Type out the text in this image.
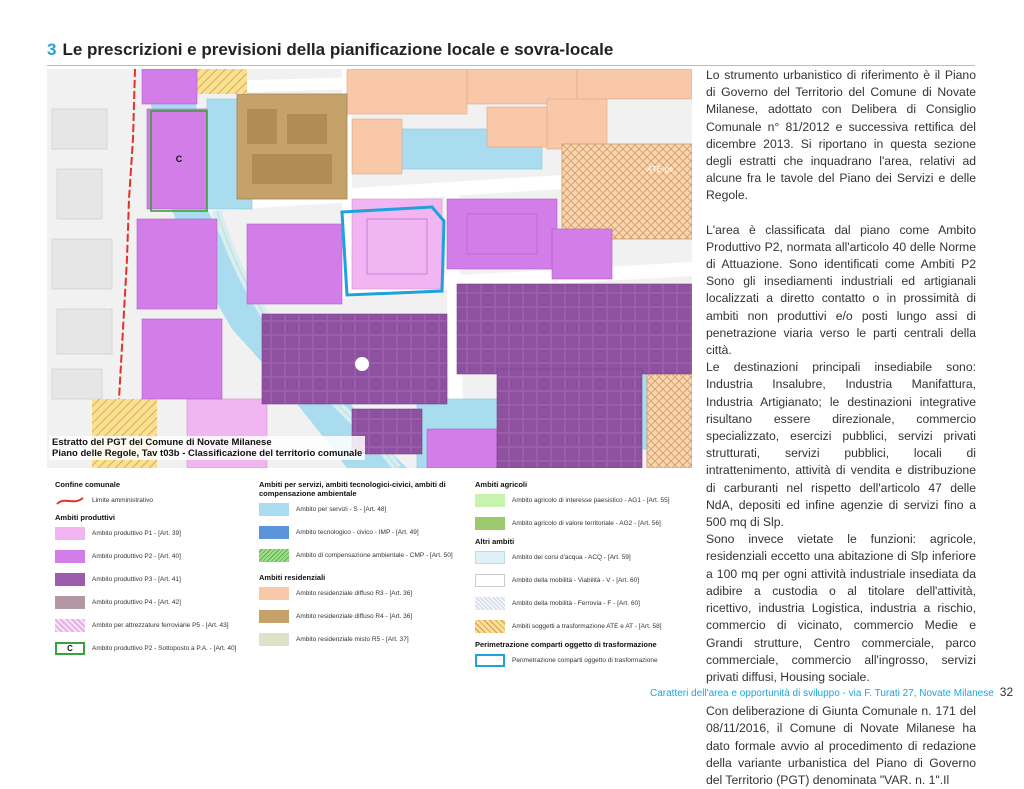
3 Le prescrizioni e previsioni della pianificazione locale e sovra-locale
C
ATE-ps
Estratto del PGT del Comune di Novate Milanese
Piano delle Regole, Tav t03b - Classificazione del territorio comunale
Confine comunale
Limite amministrativo
Ambiti produttivi
Ambito produttivo P1 - [Art. 39]
Ambito produttivo P2 - [Art. 40]
Ambito produttivo P3 - [Art. 41]
Ambito produttivo P4 - [Art. 42]
Ambito per attrezzature ferroviarie P5 - [Art. 43]
C	Ambito produttivo P2 - Sottoposto a P.A. - [Art. 40]
Ambiti per servizi, ambiti tecnologici-civici, ambiti di compensazione ambientale
Ambito per servizi - S - [Art. 48]
Ambito tecnologico - civico - IMP - [Art. 49]
Ambito di compensazione ambientale - CMP - [Art. 50]
Ambiti residenziali
Ambito residenziale diffuso R3 - [Art. 36]
Ambito residenziale diffuso R4 - [Art. 36]
Ambito residenziale misto R5 - [Art. 37]
Ambiti agricoli
Ambito agricolo di interesse paesistico - AG1 - [Art. 55]
Ambito agricolo di valore territoriale - AG2 - [Art. 56]
Altri ambiti
Ambito dei corsi d'acqua - ACQ - [Art. 59]
Ambito della mobilità - Viabilità - V - [Art. 60]
Ambito della mobilità - Ferrovia - F - [Art. 60]
Ambiti soggetti a trasformazione ATE e AT - [Art. 58]
Perimetrazione comparti oggetto di trasformazione
Perimetrazione comparti oggetto di trasformazione

Lo strumento urbanistico di riferimento è il Piano di Governo del Territorio del Comune di Novate Milanese, adottato con Delibera di Consiglio Comunale n° 81/2012 e successiva rettifica del dicembre 2013. Si riportano in questa sezione degli estratti che inquadrano l'area, relativi ad alcune fra le tavole del Piano dei Servizi e delle Regole.

L'area è classificata dal piano come Ambito Produttivo P2, normata all'articolo 40 delle Norme di Attuazione. Sono identificati come Ambiti P2 Sono gli insediamenti industriali ed artigianali localizzati a diretto contatto o in prossimità di ambiti non produttivi e/o posti lungo assi di penetrazione viaria verso le parti centrali della città.

Le destinazioni principali insediabile sono: Industria Insalubre, Industria Manifattura, Industria Artigianato; le destinazioni integrative risultano essere direzionale, commercio specializzato, esercizi pubblici, servizi privati strutturati, servizi pubblici, locali di intrattenimento, attività di vendita e distribuzione di carburanti nel rispetto dell'articolo 47 delle NdA, depositi ed infine agenzie di servizi fino a 500 mq di Slp.

Sono invece vietate le funzioni: agricole, residenziali eccetto una abitazione di Slp inferiore a 100 mq per ogni attività industriale insediata da adibire a custodia o al titolare dell'attività, ricettivo, industria Logistica, industria a rischio, commercio di vicinato, commercio Medie e Grandi strutture, Centro commerciale, parco commerciale, commercio all'ingrosso, servizi privati diffusi, Housing sociale.

Con deliberazione di Giunta Comunale n. 171 del 08/11/2016, il Comune di Novate Milanese ha dato formale avvio al procedimento di redazione della variante urbanistica del Piano di Governo del Territorio (PGT) denominata "VAR. n. 1".Il

Caratteri dell'area e opportunità di sviluppo - via F. Turati 27, Novate Milanese 32
